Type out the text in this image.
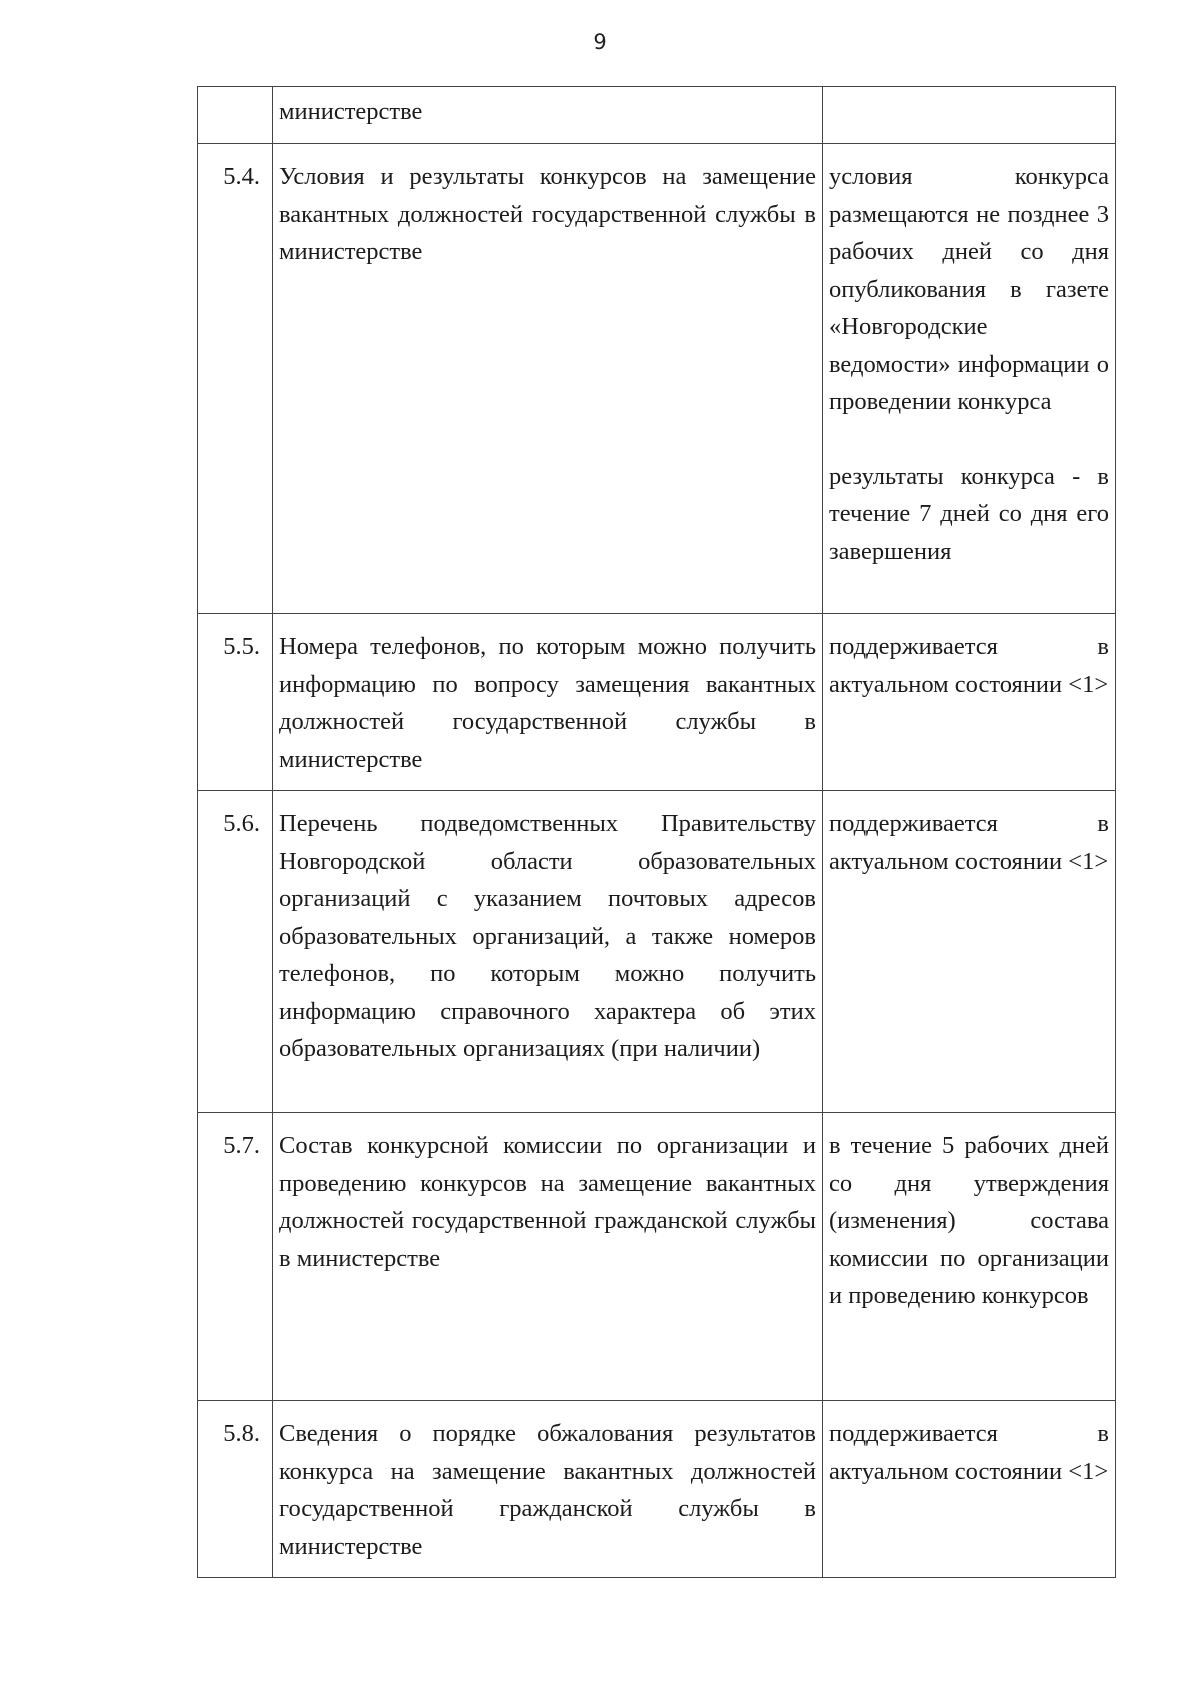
9
	министерстве	
5.4.	Условия и результаты конкурсов на замещение вакантных должностей государственной службы в министерстве	условия конкурса размещаются не позднее 3 рабочих дней со дня опубликования в газете «Новгородские ведомости» информации о проведении конкурса
результаты конкурса - в течение 7 дней со дня его завершения

5.5.	Номера телефонов, по которым можно получить информацию по вопросу замещения вакантных должностей государственной службы в министерстве	поддерживается в актуальном состоянии <1>

5.6.	Перечень подведомственных Правительству Новгородской области образовательных организаций с указанием почтовых адресов образовательных организаций, а также номеров телефонов, по которым можно получить информацию справочного характера об этих образовательных организациях (при наличии)	поддерживается в актуальном состоянии <1>

5.7.	Состав конкурсной комиссии по организации и проведению конкурсов на замещение вакантных должностей государственной гражданской службы в министерстве	в течение 5 рабочих дней со дня утверждения (изменения) состава комиссии по организации и проведению конкурсов

5.8.	Сведения о порядке обжалования результатов конкурса на замещение вакантных должностей государственной гражданской службы в министерстве	поддерживается в актуальном состоянии <1>
